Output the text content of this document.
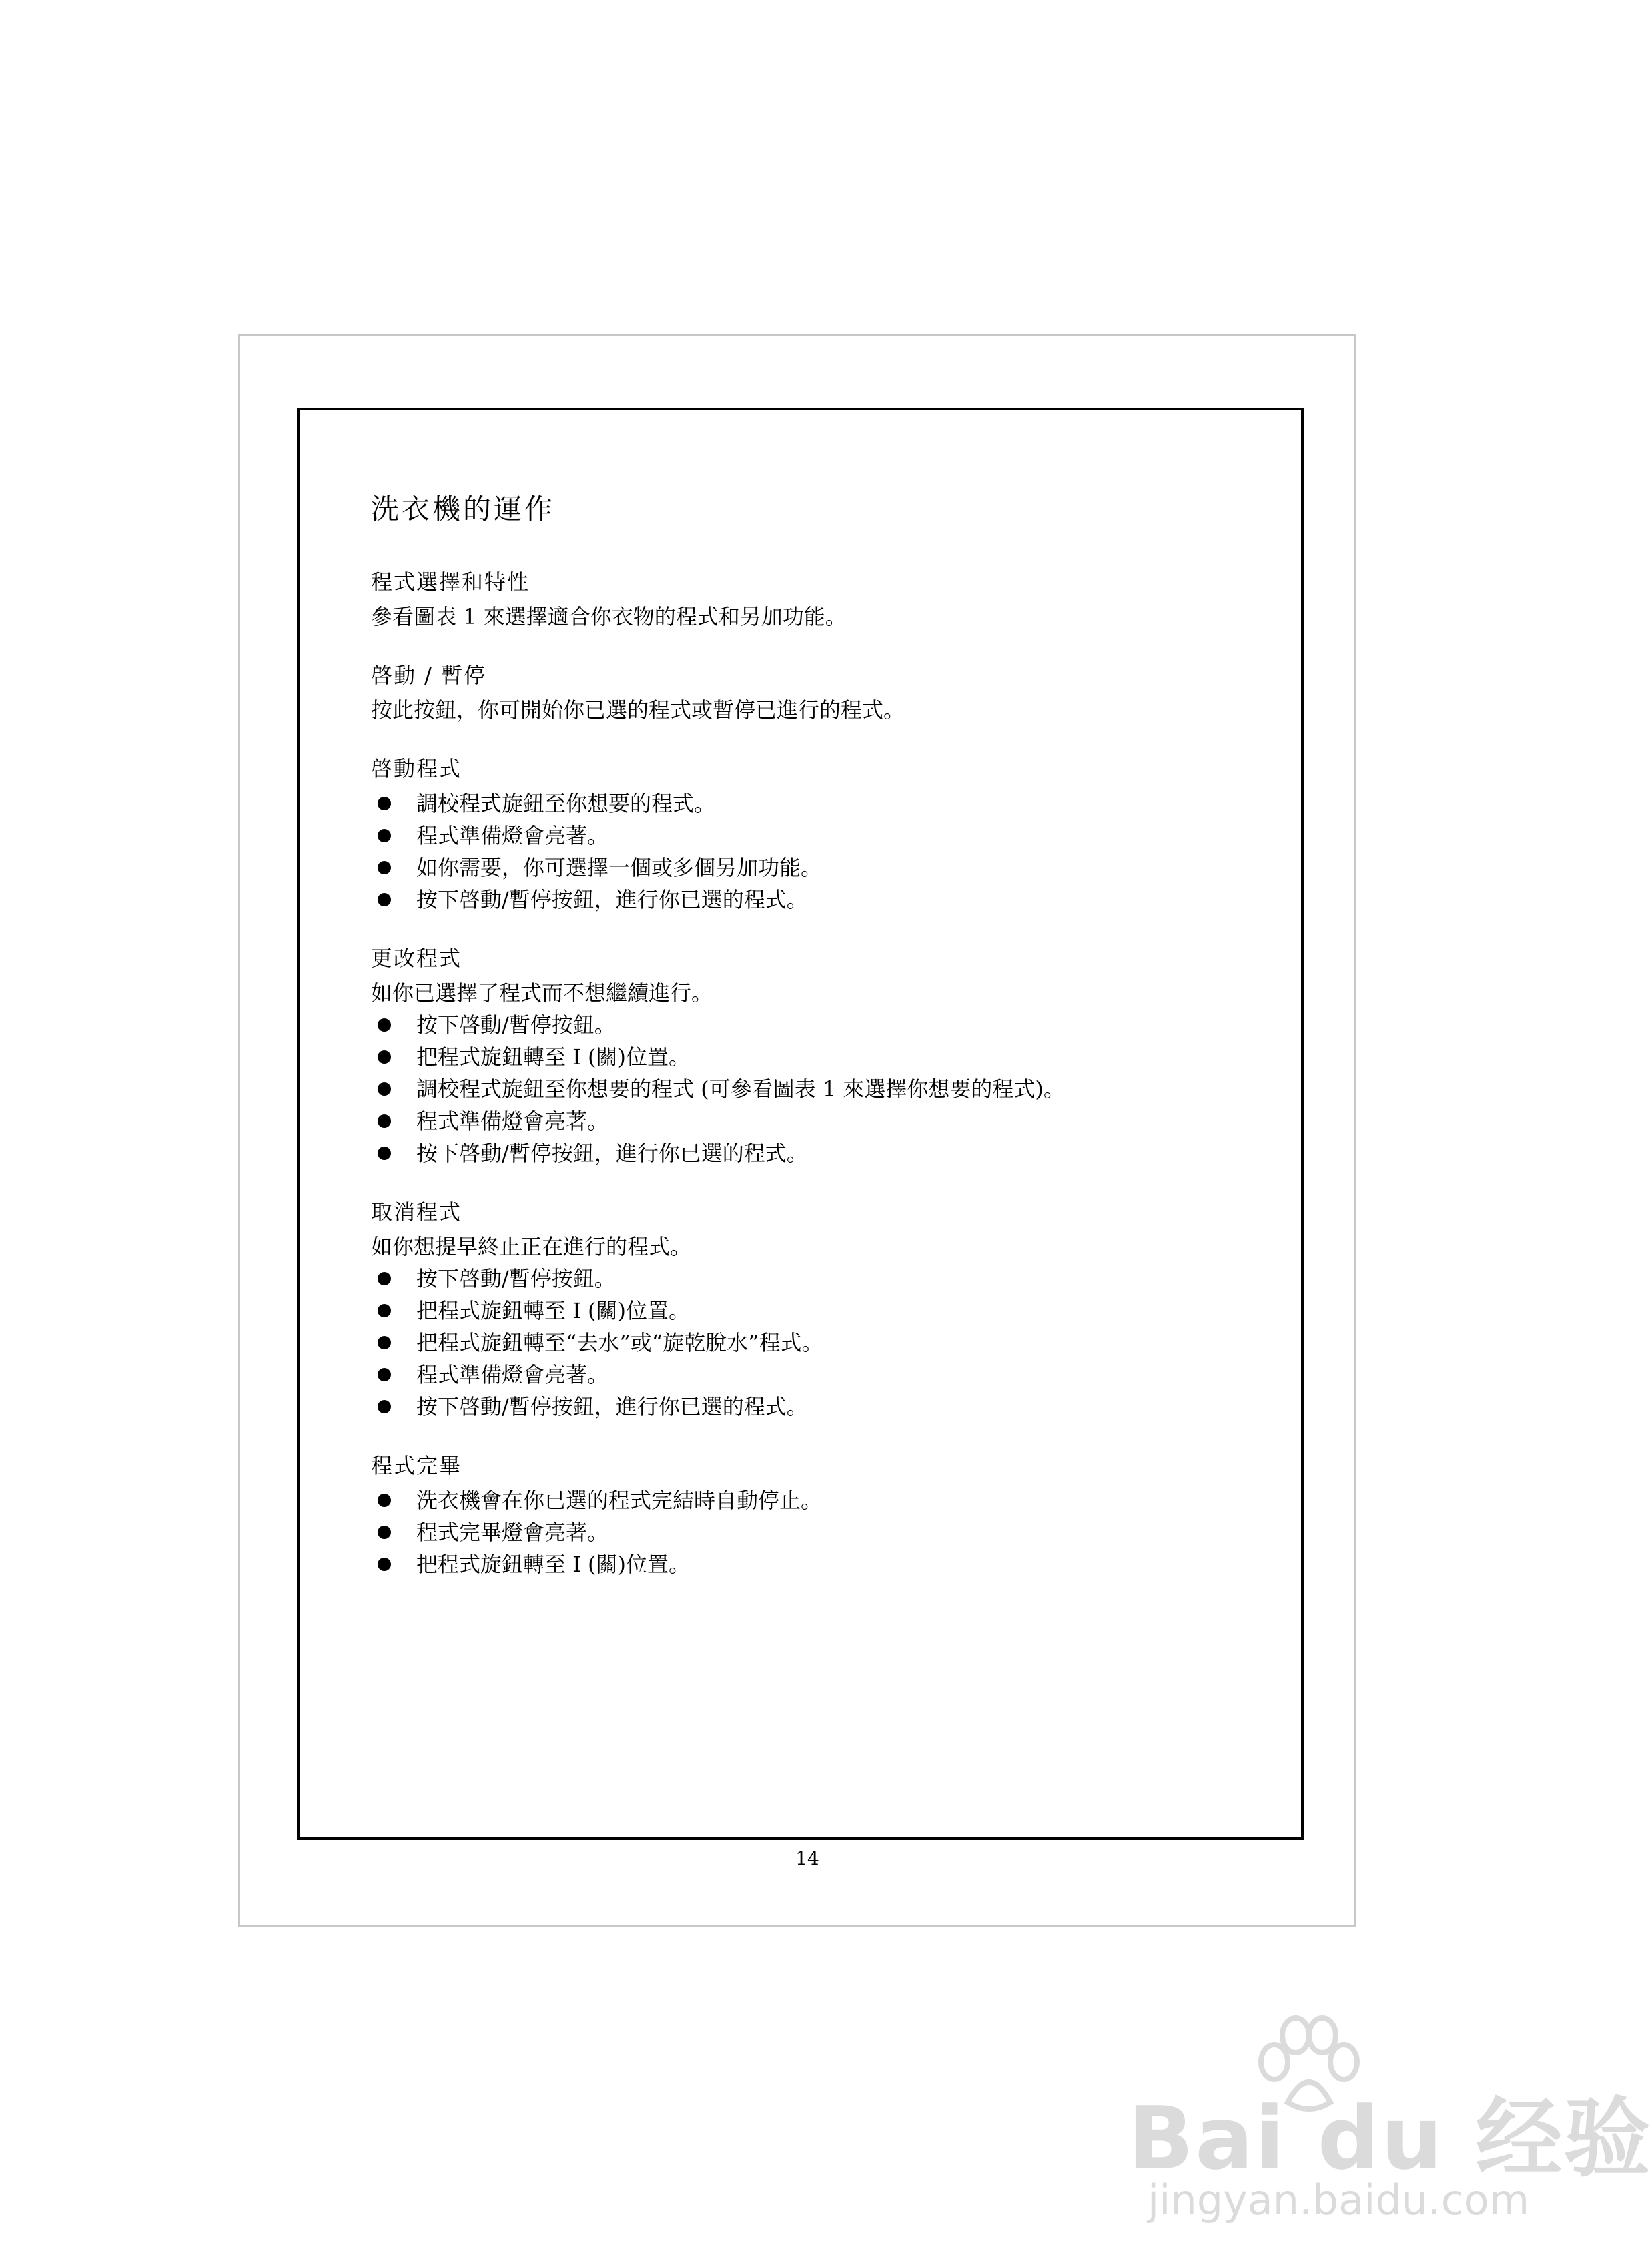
洗衣機的運作
程式選擇和特性

參看圖表 1 來選擇適合你衣物的程式和另加功能。

啓動 / 暫停

按此按鈕，你可開始你已選的程式或暫停已進行的程式。

啓動程式
調校程式旋鈕至你想要的程式。
程式準備燈會亮著。
如你需要，你可選擇一個或多個另加功能。
按下啓動/暫停按鈕，進行你已選的程式。
更改程式

如你已選擇了程式而不想繼續進行。

按下啓動/暫停按鈕。
把程式旋鈕轉至 I (關)位置。
調校程式旋鈕至你想要的程式 (可參看圖表 1 來選擇你想要的程式)。
程式準備燈會亮著。
按下啓動/暫停按鈕，進行你已選的程式。
取消程式

如你想提早終止正在進行的程式。

按下啓動/暫停按鈕。
把程式旋鈕轉至 I (關)位置。
把程式旋鈕轉至“去水”或“旋乾脫水”程式。
程式準備燈會亮著。
按下啓動/暫停按鈕，進行你已選的程式。
程式完畢
洗衣機會在你已選的程式完結時自動停止。
程式完畢燈會亮著。
把程式旋鈕轉至 I (關)位置。
14
Bai du 经验
jingyan.baidu.com
